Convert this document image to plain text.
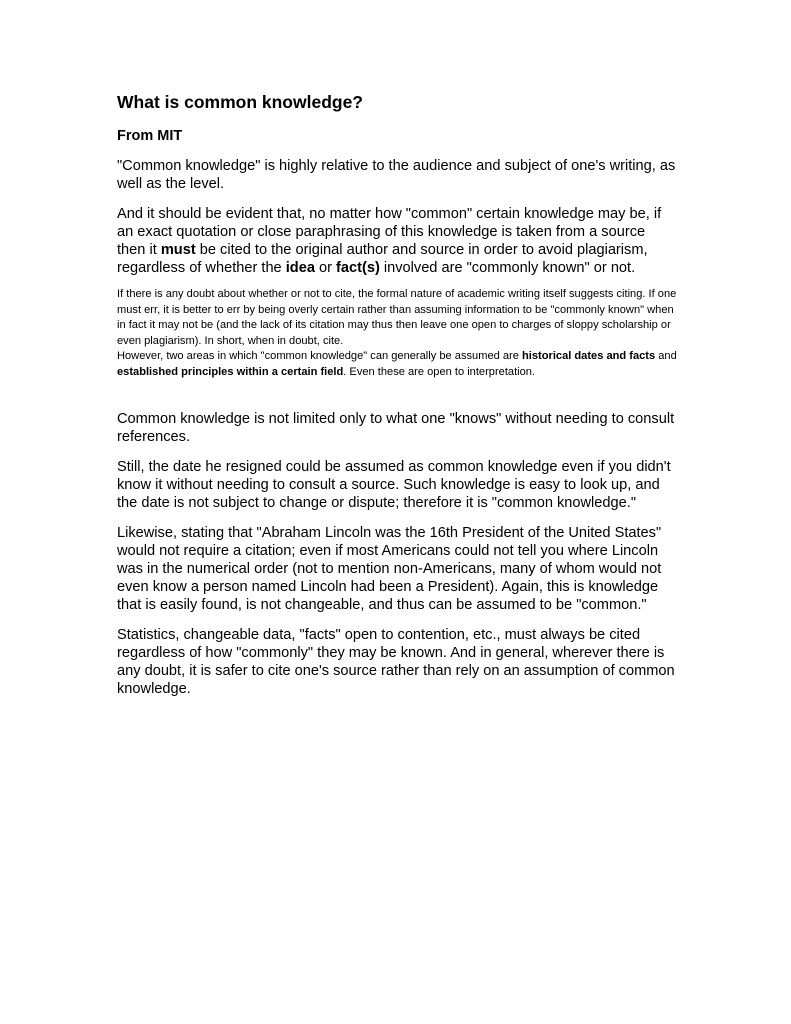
What is common knowledge?
From MIT

"Common knowledge" is highly relative to the audience and subject of one's writing, as well as the level.

And it should be evident that, no matter how "common" certain knowledge may be, if an exact quotation or close paraphrasing of this knowledge is taken from a source then it must be cited to the original author and source in order to avoid plagiarism, regardless of whether the idea or fact(s) involved are "commonly known" or not.

If there is any doubt about whether or not to cite, the formal nature of academic writing itself suggests citing. If one must err, it is better to err by being overly certain rather than assuming information to be "commonly known" when in fact it may not be (and the lack of its citation may thus then leave one open to charges of sloppy scholarship or even plagiarism). In short, when in doubt, cite.

However, two areas in which "common knowledge" can generally be assumed are historical dates and facts and established principles within a certain field. Even these are open to interpretation.

Common knowledge is not limited only to what one "knows" without needing to consult references.

Still, the date he resigned could be assumed as common knowledge even if you didn't know it without needing to consult a source. Such knowledge is easy to look up, and the date is not subject to change or dispute; therefore it is "common knowledge."

Likewise, stating that "Abraham Lincoln was the 16th President of the United States" would not require a citation; even if most Americans could not tell you where Lincoln was in the numerical order (not to mention non-Americans, many of whom would not even know a person named Lincoln had been a President). Again, this is knowledge that is easily found, is not changeable, and thus can be assumed to be "common."

Statistics, changeable data, "facts" open to contention, etc., must always be cited regardless of how "commonly" they may be known. And in general, wherever there is any doubt, it is safer to cite one's source rather than rely on an assumption of common knowledge.
